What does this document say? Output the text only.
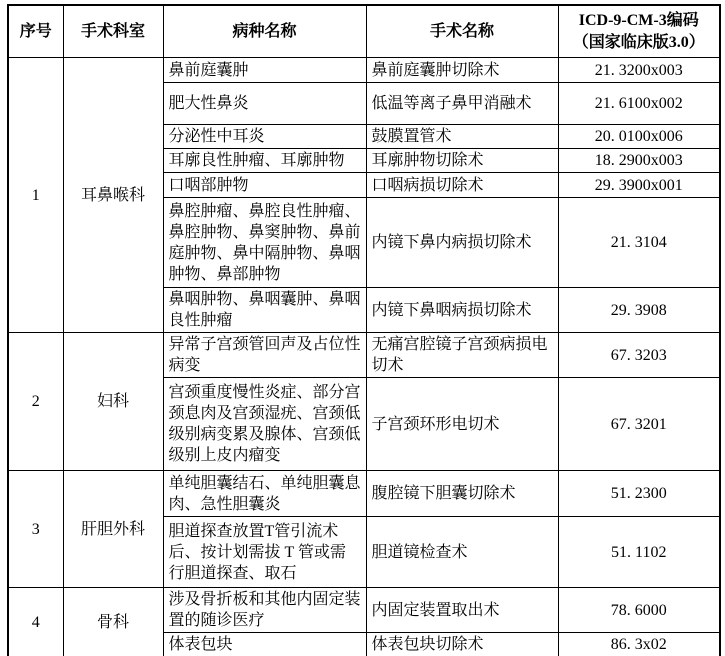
序号	手术科室	病种名称	手术名称	ICD-9-CM-3编码
（国家临床版3.0）

1	耳鼻喉科	鼻前庭囊肿	鼻前庭囊肿切除术	21. 3200x003
		肥大性鼻炎	低温等离子鼻甲消融术	21. 6100x002
		分泌性中耳炎	鼓膜置管术	20. 0100x006
		耳廓良性肿瘤、耳廓肿物	耳廓肿物切除术	18. 2900x003
		口咽部肿物	口咽病损切除术	29. 3900x001
		鼻腔肿瘤、鼻腔良性肿瘤、鼻腔肿物、鼻窦肿物、鼻前庭肿物、鼻中隔肿物、鼻咽肿物、鼻部肿物	内镜下鼻内病损切除术	21. 3104
		鼻咽肿物、鼻咽囊肿、鼻咽良性肿瘤	内镜下鼻咽病损切除术	29. 3908
2	妇科	异常子宫颈管回声及占位性病变	无痛宫腔镜子宫颈病损电切术	67. 3203
		宫颈重度慢性炎症、部分宫颈息肉及宫颈湿疣、宫颈低级别病变累及腺体、宫颈低级别上皮内瘤变	子宫颈环形电切术	67. 3201
3	肝胆外科	单纯胆囊结石、单纯胆囊息肉、急性胆囊炎	腹腔镜下胆囊切除术	51. 2300
		胆道探查放置T管引流术后、按计划需拔 T 管或需行胆道探查、取石	胆道镜检查术	51. 1102
4	骨科	涉及骨折板和其他内固定装置的随诊医疗	内固定装置取出术	78. 6000
		体表包块	体表包块切除术	86. 3x02
